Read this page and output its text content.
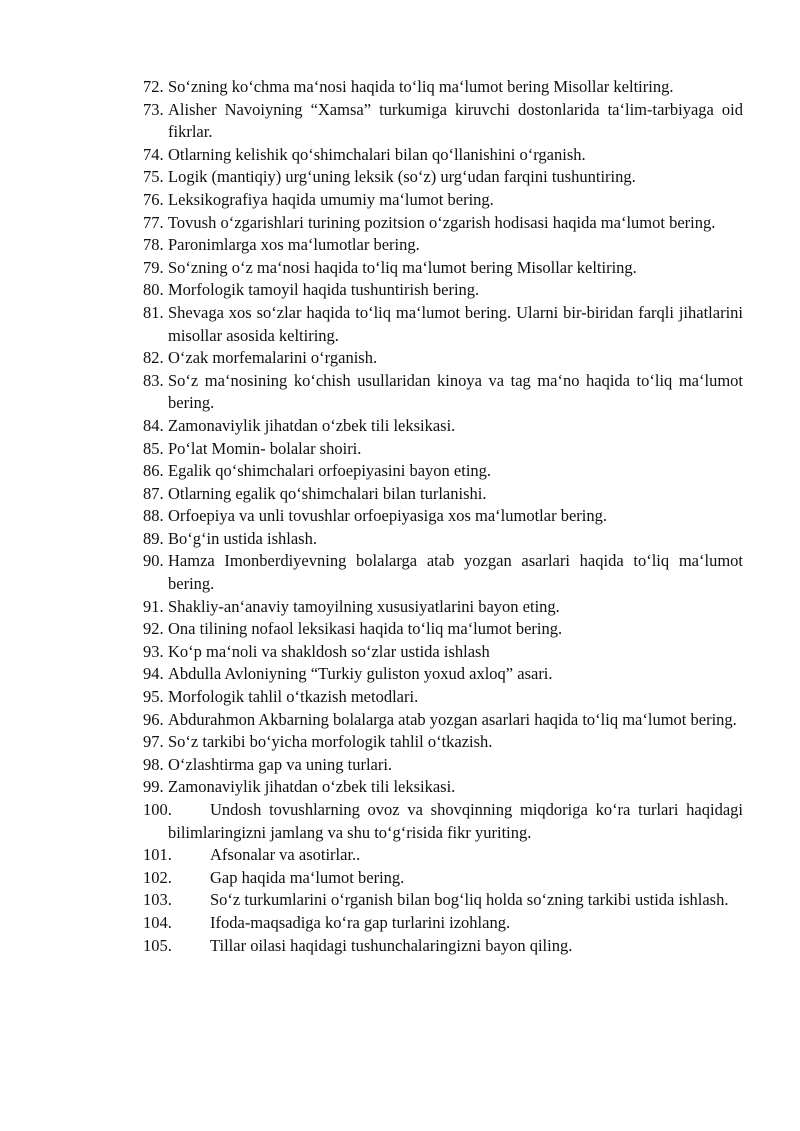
72. So‘zning ko‘chma ma‘nosi haqida to‘liq ma‘lumot bering Misollar keltiring.
73. Alisher Navoiyning “Xamsa” turkumiga kiruvchi dostonlarida ta‘lim-tarbiyaga oid fikrlar.
74. Otlarning kelishik qo‘shimchalari bilan qo‘llanishini o‘rganish.
75. Logik (mantiqiy) urg‘uning leksik (so‘z) urg‘udan farqini tushuntiring.
76. Leksikografiya haqida umumiy ma‘lumot bering.
77. Tovush o‘zgarishlari turining pozitsion o‘zgarish hodisasi haqida ma‘lumot bering.
78. Paronimlarga xos ma‘lumotlar bering.
79. So‘zning o‘z ma‘nosi haqida to‘liq ma‘lumot bering Misollar keltiring.
80. Morfologik tamoyil haqida tushuntirish bering.
81. Shevaga xos so‘zlar haqida to‘liq ma‘lumot bering. Ularni bir-biridan farqli jihatlarini misollar asosida keltiring.
82. O‘zak morfemalarini o‘rganish.
83. So‘z ma‘nosining ko‘chish usullaridan kinoya va tag ma‘no haqida to‘liq ma‘lumot bering.
84. Zamonaviylik jihatdan o‘zbek tili leksikasi.
85. Po‘lat Momin- bolalar shoiri.
86. Egalik qo‘shimchalari orfoepiyasini bayon eting.
87. Otlarning egalik qo‘shimchalari bilan turlanishi.
88. Orfoepiya va unli tovushlar orfoepiyasiga xos ma‘lumotlar bering.
89. Bo‘g‘in ustida ishlash.
90. Hamza Imonberdiyevning bolalarga atab yozgan asarlari haqida to‘liq ma‘lumot bering.
91. Shakliy-an‘anaviy tamoyilning xususiyatlarini bayon eting.
92. Ona tilining nofaol leksikasi haqida to‘liq ma‘lumot bering.
93. Ko‘p ma‘noli va shakldosh so‘zlar ustida ishlash
94. Abdulla Avloniyning “Turkiy guliston yoxud axloq” asari.
95. Morfologik tahlil o‘tkazish metodlari.
96. Abdurahmon Akbarning bolalarga atab yozgan asarlari haqida to‘liq ma‘lumot bering.
97. So‘z tarkibi bo‘yicha morfologik tahlil o‘tkazish.
98. O‘zlashtirma gap va uning turlari.
99. Zamonaviylik jihatdan o‘zbek tili leksikasi.
100. Undosh tovushlarning ovoz va shovqinning miqdoriga ko‘ra turlari haqidagi bilimlaringizni jamlang va shu to‘g‘risida fikr yuriting.
101. Afsonalar va asotirlar..
102. Gap haqida ma‘lumot bering.
103. So‘z turkumlarini o‘rganish bilan bog‘liq holda so‘zning tarkibi ustida ishlash.
104. Ifoda-maqsadiga ko‘ra gap turlarini izohlang.
105. Tillar oilasi haqidagi tushunchalaringizni bayon qiling.
